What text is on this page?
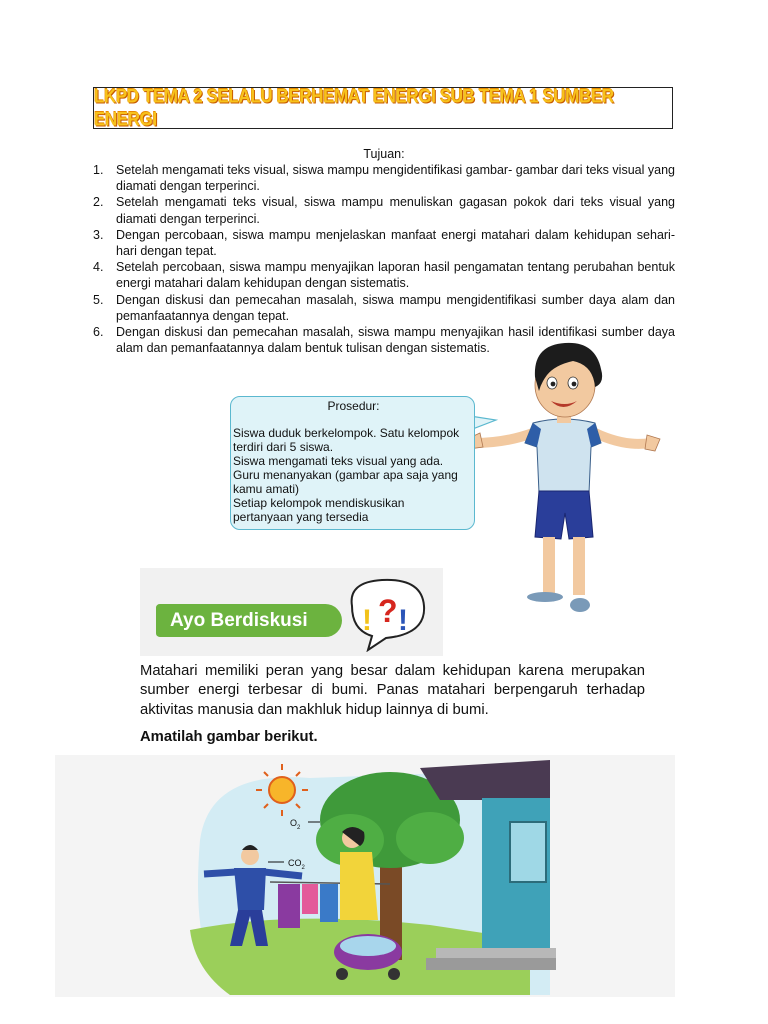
LKPD TEMA 2 SELALU BERHEMAT ENERGI SUB TEMA 1 SUMBER ENERGI
Tujuan:
1.	Setelah mengamati teks visual, siswa mampu mengidentifikasi gambar- gambar dari teks visual yang diamati dengan terperinci.
2.	Setelah mengamati teks visual, siswa mampu menuliskan gagasan pokok dari teks visual yang diamati dengan terperinci.
3.	Dengan percobaan, siswa mampu menjelaskan manfaat energi matahari dalam kehidupan sehari-hari dengan tepat.
4.	Setelah percobaan, siswa mampu menyajikan laporan hasil pengamatan tentang perubahan bentuk energi matahari dalam kehidupan dengan sistematis.
5.	Dengan diskusi dan pemecahan masalah, siswa mampu mengidentifikasi sumber daya alam dan pemanfaatannya dengan tepat.
6.	Dengan diskusi dan pemecahan masalah, siswa mampu menyajikan hasil identifikasi sumber daya alam dan pemanfaatannya dalam bentuk tulisan dengan sistematis.
Prosedur:
Siswa duduk berkelompok. Satu kelompok
terdiri dari 5 siswa.
Siswa mengamati teks visual yang ada.
Guru menanyakan (gambar apa saja yang
kamu amati)
Setiap kelompok mendiskusikan
pertanyaan yang tersedia
Ayo Berdiskusi ! ? !
Matahari memiliki peran yang besar dalam kehidupan karena merupakan sumber energi terbesar di bumi. Panas matahari berpengaruh terhadap aktivitas manusia dan makhluk hidup lainnya di bumi.
Amatilah gambar berikut.
$O_2$
$CO_2$
